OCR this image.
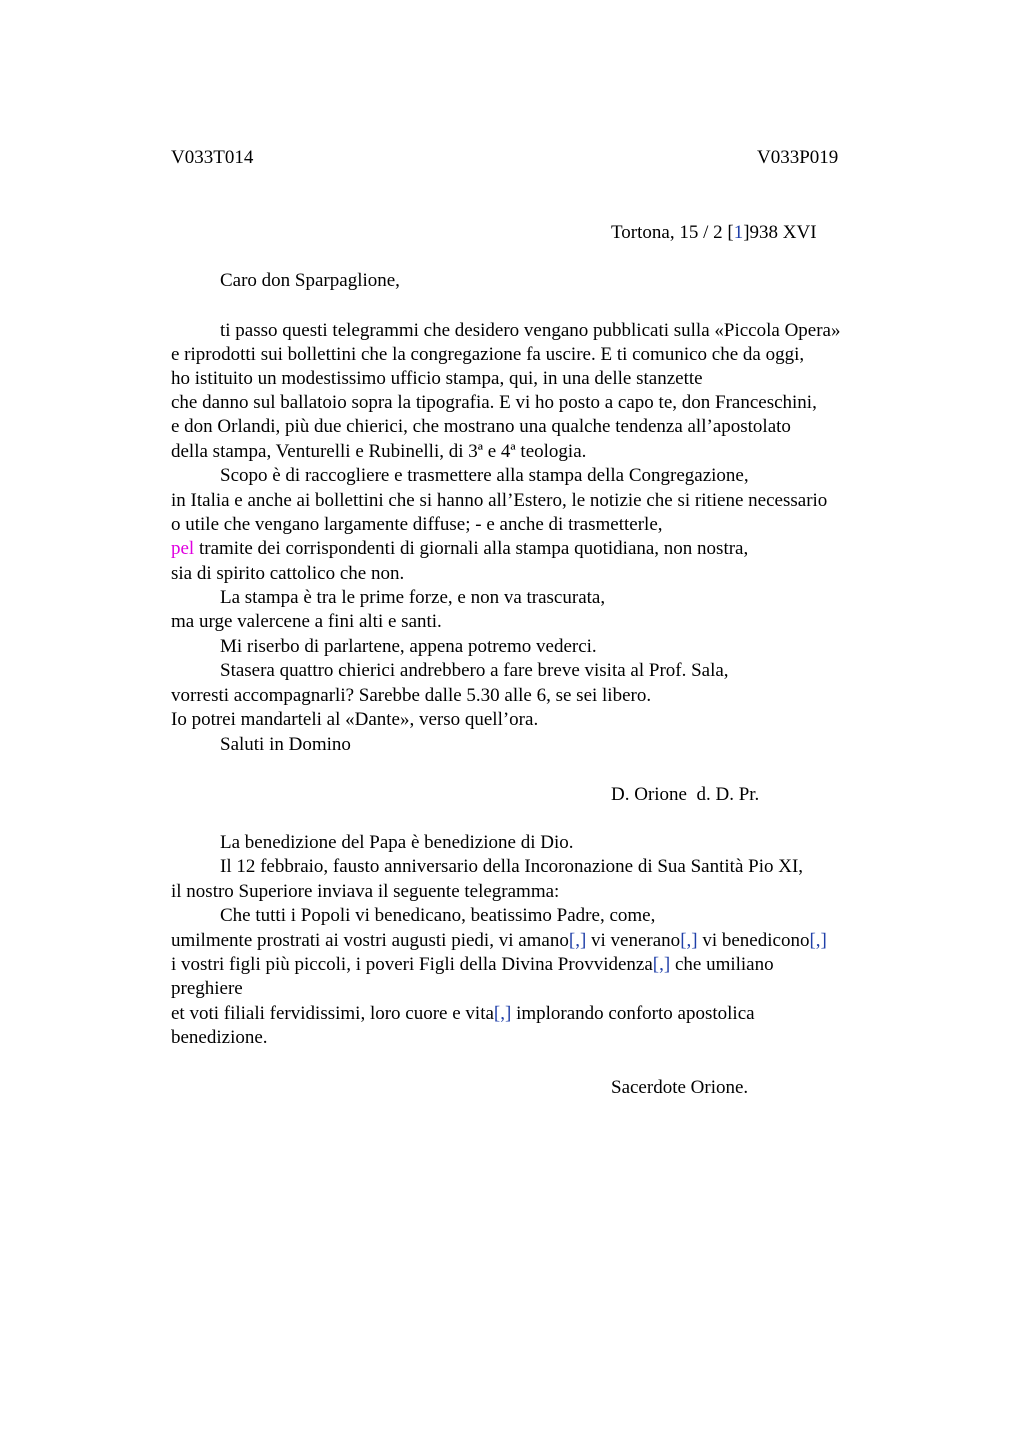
V033T014	V033P019
Tortona, 15 / 2 [1]938 XVI
Caro don Sparpaglione,
ti passo questi telegrammi che desidero vengano pubblicati sulla «Piccola Opera»
e riprodotti sui bollettini che la congregazione fa uscire. E ti comunico che da oggi,
ho istituito un modestissimo ufficio stampa, qui, in una delle stanzette
che danno sul ballatoio sopra la tipografia. E vi ho posto a capo te, don Franceschini,
e don Orlandi, più due chierici, che mostrano una qualche tendenza all’apostolato
della stampa, Venturelli e Rubinelli, di 3ª e 4ª teologia.
Scopo è di raccogliere e trasmettere alla stampa della Congregazione,
in Italia e anche ai bollettini che si hanno all’Estero, le notizie che si ritiene necessario
o utile che vengano largamente diffuse; - e anche di trasmetterle,
pel tramite dei corrispondenti di giornali alla stampa quotidiana, non nostra,
sia di spirito cattolico che non.
La stampa è tra le prime forze, e non va trascurata,
ma urge valercene a fini alti e santi.
Mi riserbo di parlartene, appena potremo vederci.
Stasera quattro chierici andrebbero a fare breve visita al Prof. Sala,
vorresti accompagnarli? Sarebbe dalle 5.30 alle 6, se sei libero.
Io potrei mandarteli al «Dante», verso quell’ora.
Saluti in Domino
D. Orione  d. D. Pr.
La benedizione del Papa è benedizione di Dio.
Il 12 febbraio, fausto anniversario della Incoronazione di Sua Santità Pio XI,
il nostro Superiore inviava il seguente telegramma:
Che tutti i Popoli vi benedicano, beatissimo Padre, come,
umilmente prostrati ai vostri augusti piedi, vi amano[,] vi venerano[,] vi benedicono[,]
i vostri figli più piccoli, i poveri Figli della Divina Provvidenza[,] che umiliano
preghiere
et voti filiali fervidissimi, loro cuore e vita[,] implorando conforto apostolica
benedizione.
Sacerdote Orione.
